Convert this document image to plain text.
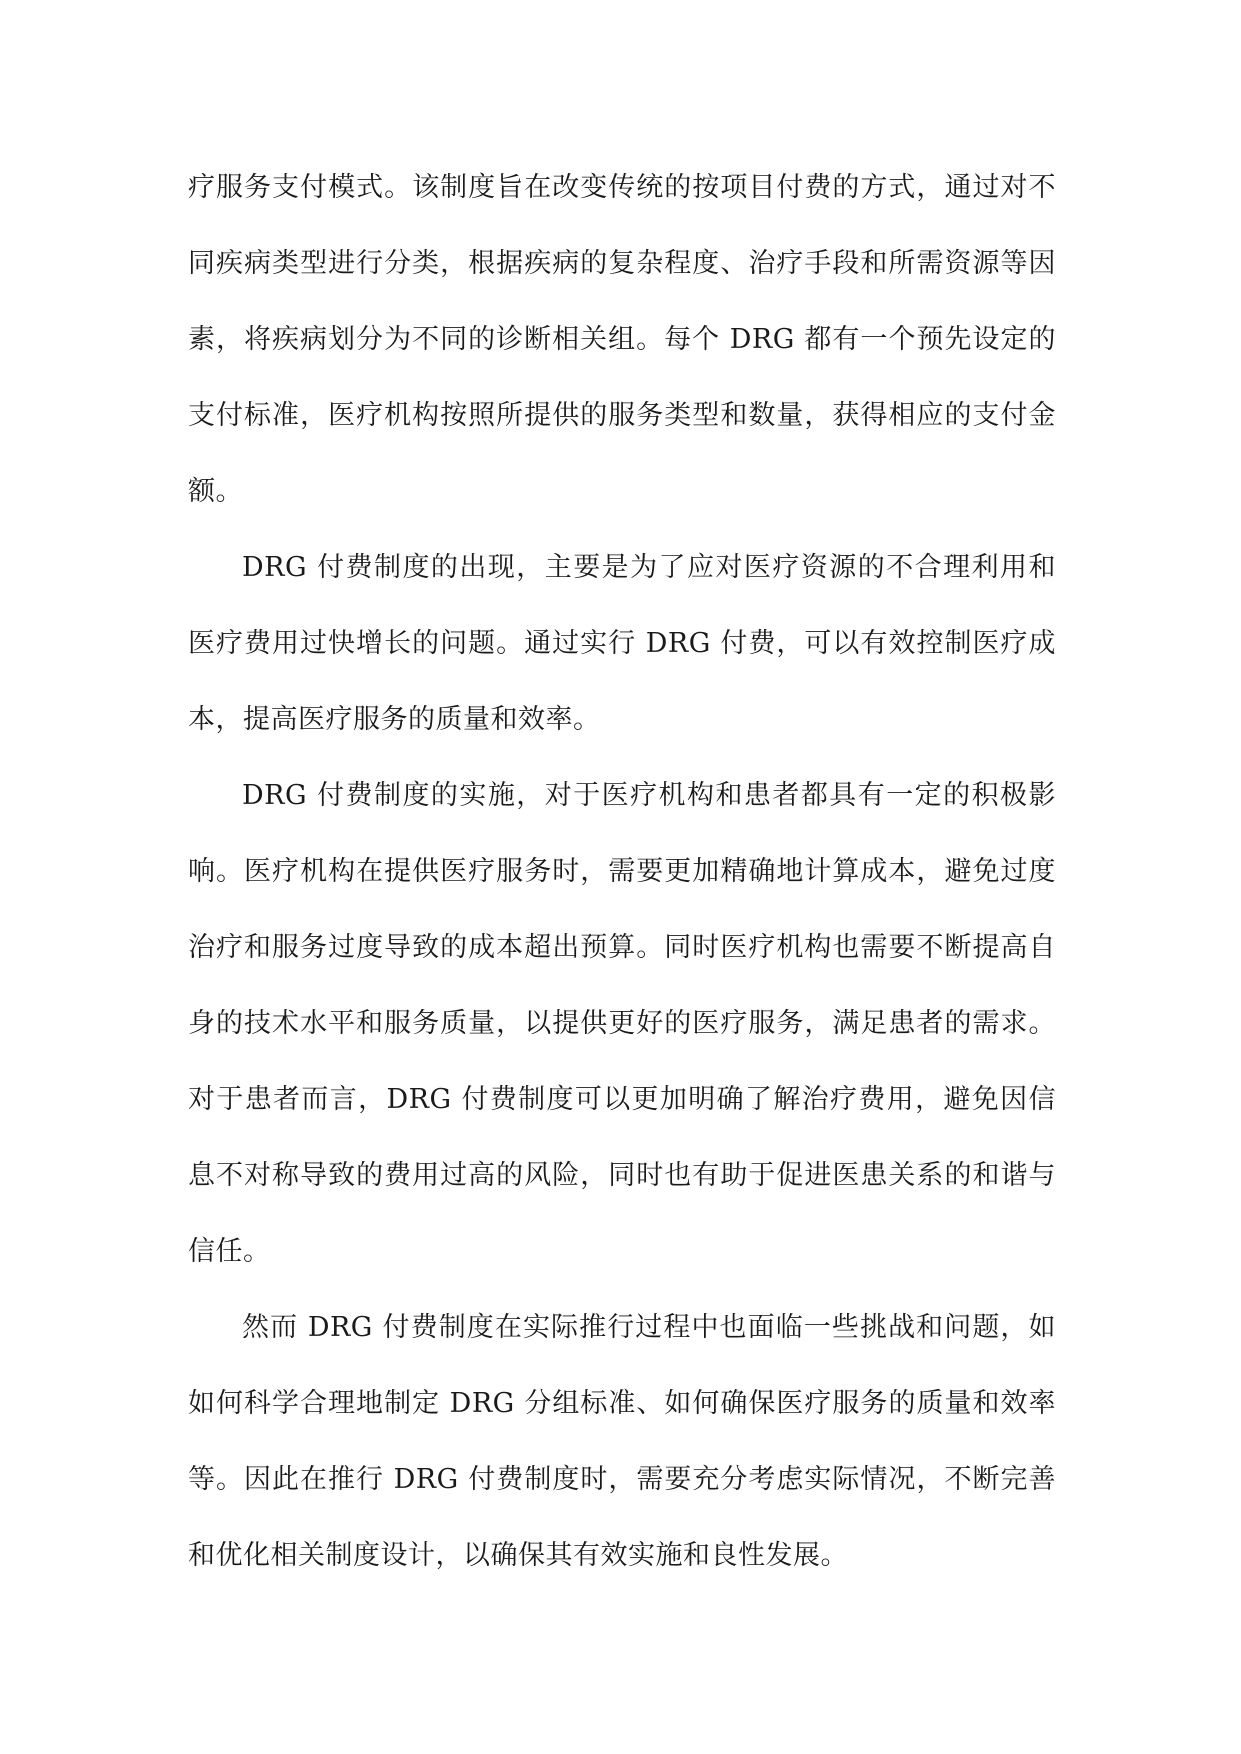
疗服务支付模式。该制度旨在改变传统的按项目付费的方式，通过对不同疾病类型进行分类，根据疾病的复杂程度、治疗手段和所需资源等因素，将疾病划分为不同的诊断相关组。每个 DRG 都有一个预先设定的支付标准，医疗机构按照所提供的服务类型和数量，获得相应的支付金额。

DRG 付费制度的出现，主要是为了应对医疗资源的不合理利用和医疗费用过快增长的问题。通过实行 DRG 付费，可以有效控制医疗成本，提高医疗服务的质量和效率。

DRG 付费制度的实施，对于医疗机构和患者都具有一定的积极影响。医疗机构在提供医疗服务时，需要更加精确地计算成本，避免过度治疗和服务过度导致的成本超出预算。同时医疗机构也需要不断提高自身的技术水平和服务质量，以提供更好的医疗服务，满足患者的需求。对于患者而言，DRG 付费制度可以更加明确了解治疗费用，避免因信息不对称导致的费用过高的风险，同时也有助于促进医患关系的和谐与信任。

然而 DRG 付费制度在实际推行过程中也面临一些挑战和问题，如如何科学合理地制定 DRG 分组标准、如何确保医疗服务的质量和效率等。因此在推行 DRG 付费制度时，需要充分考虑实际情况，不断完善和优化相关制度设计，以确保其有效实施和良性发展。
